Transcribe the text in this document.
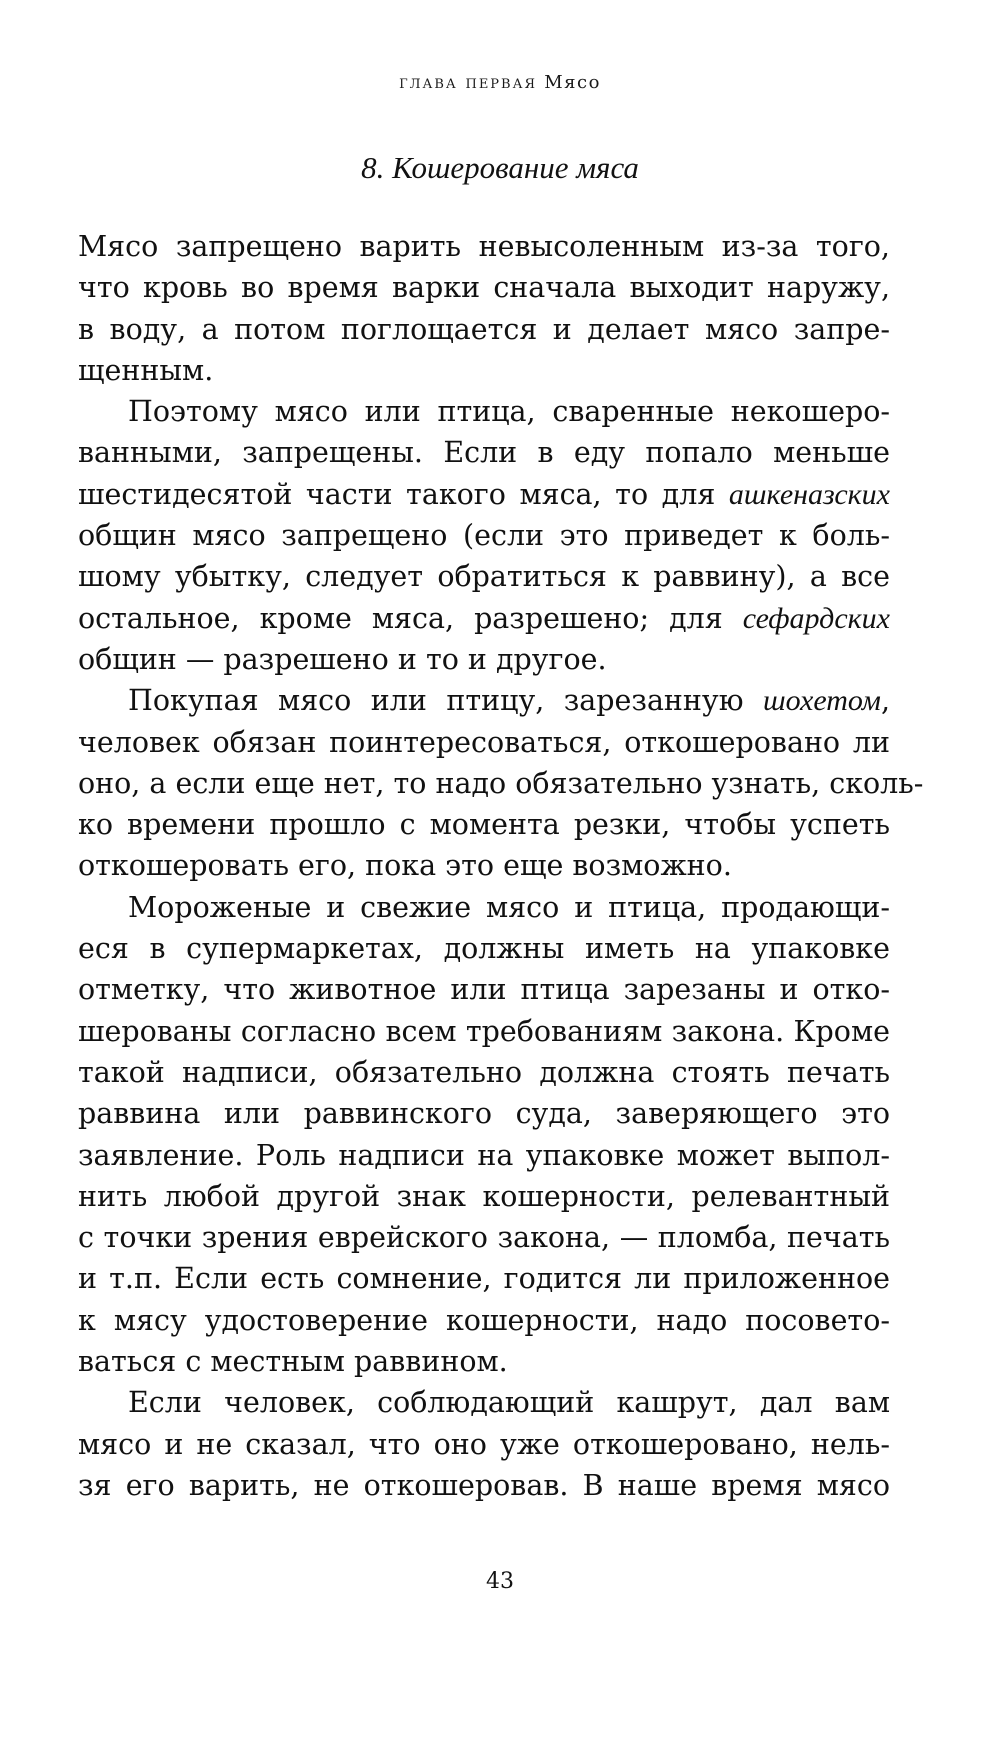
глава первая Мясо
8. Кошерование мяса
Мясо запрещено варить невысоленным из-за того,
что кровь во время варки сначала выходит наружу,
в воду, а потом поглощается и делает мясо запре-
щенным.
Поэтому мясо или птица, сваренные некошеро-
ванными, запрещены. Если в еду попало меньше
шестидесятой части такого мяса, то для ашкеназских
общин мясо запрещено (если это приведет к боль-
шому убытку, следует обратиться к раввину), а все
остальное, кроме мяса, разрешено; для сефардских
общин — разрешено и то и другое.
Покупая мясо или птицу, зарезанную шохетом,
человек обязан поинтересоваться, откошеровано ли
оно, а если еще нет, то надо обязательно узнать, сколь-
ко времени прошло с момента резки, чтобы успеть
откошеровать его, пока это еще возможно.
Мороженые и свежие мясо и птица, продающи-
еся в супермаркетах, должны иметь на упаковке
отметку, что животное или птица зарезаны и отко-
шерованы согласно всем требованиям закона. Кроме
такой надписи, обязательно должна стоять печать
раввина или раввинского суда, заверяющего это
заявление. Роль надписи на упаковке может выпол-
нить любой другой знак кошерности, релевантный
с точки зрения еврейского закона, — пломба, печать
и т.п. Если есть сомнение, годится ли приложенное
к мясу удостоверение кошерности, надо посовето-
ваться с местным раввином.
Если человек, соблюдающий кашрут, дал вам
мясо и не сказал, что оно уже откошеровано, нель-
зя его варить, не откошеровав. В наше время мясо
43
